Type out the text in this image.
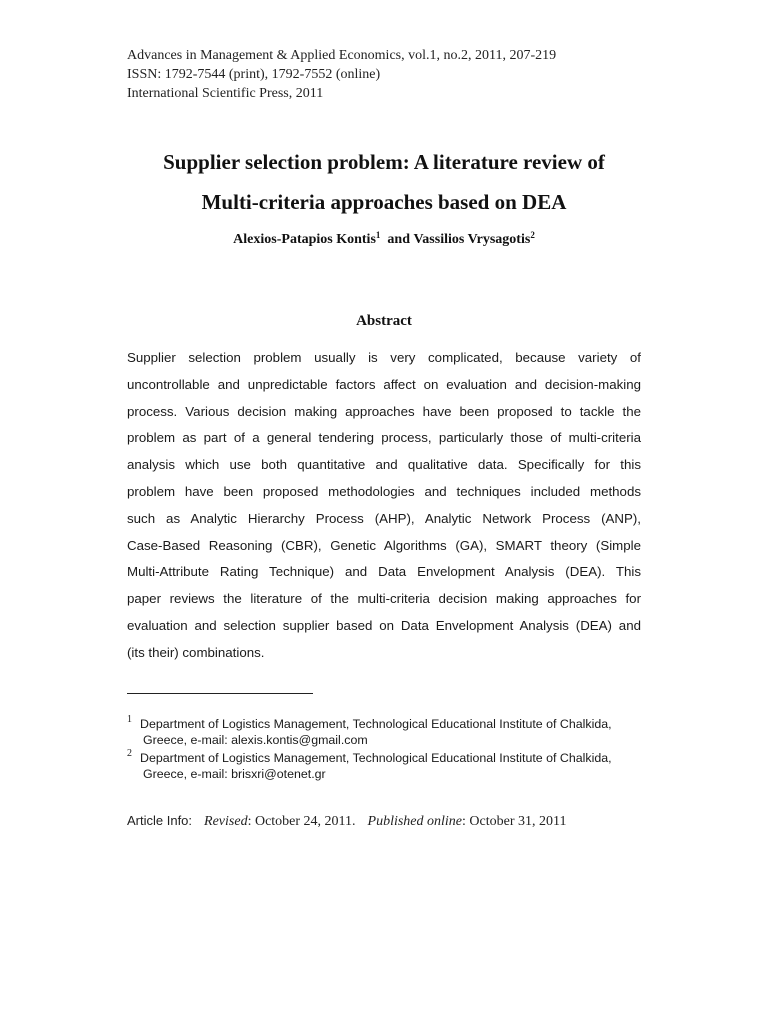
Advances in Management & Applied Economics, vol.1, no.2, 2011, 207-219
ISSN: 1792-7544 (print), 1792-7552 (online)
International Scientific Press, 2011
Supplier selection problem: A literature review of
Multi-criteria approaches based on DEA
Alexios-Patapios Kontis$^1$ and Vassilios Vrysagotis$^2$
Abstract
Supplier selection problem usually is very complicated, because variety of
uncontrollable and unpredictable factors affect on evaluation and decision-making
process. Various decision making approaches have been proposed to tackle the
problem as part of a general tendering process, particularly those of multi-criteria
analysis which use both quantitative and qualitative data. Specifically for this
problem have been proposed methodologies and techniques included methods
such as Analytic Hierarchy Process (AHP), Analytic Network Process (ANP),
Case-Based Reasoning (CBR), Genetic Algorithms (GA), SMART theory (Simple
Multi-Attribute Rating Technique) and Data Envelopment Analysis (DEA). This
paper reviews the literature of the multi-criteria decision making approaches for
evaluation and selection supplier based on Data Envelopment Analysis (DEA) and
(its their) combinations.
1 Department of Logistics Management, Technological Educational Institute of Chalkida,
Greece, e-mail: alexis.kontis@gmail.com
2 Department of Logistics Management, Technological Educational Institute of Chalkida,
Greece, e-mail: brisxri@otenet.gr
Article Info: Revised: October 24, 2011. Published online: October 31, 2011
